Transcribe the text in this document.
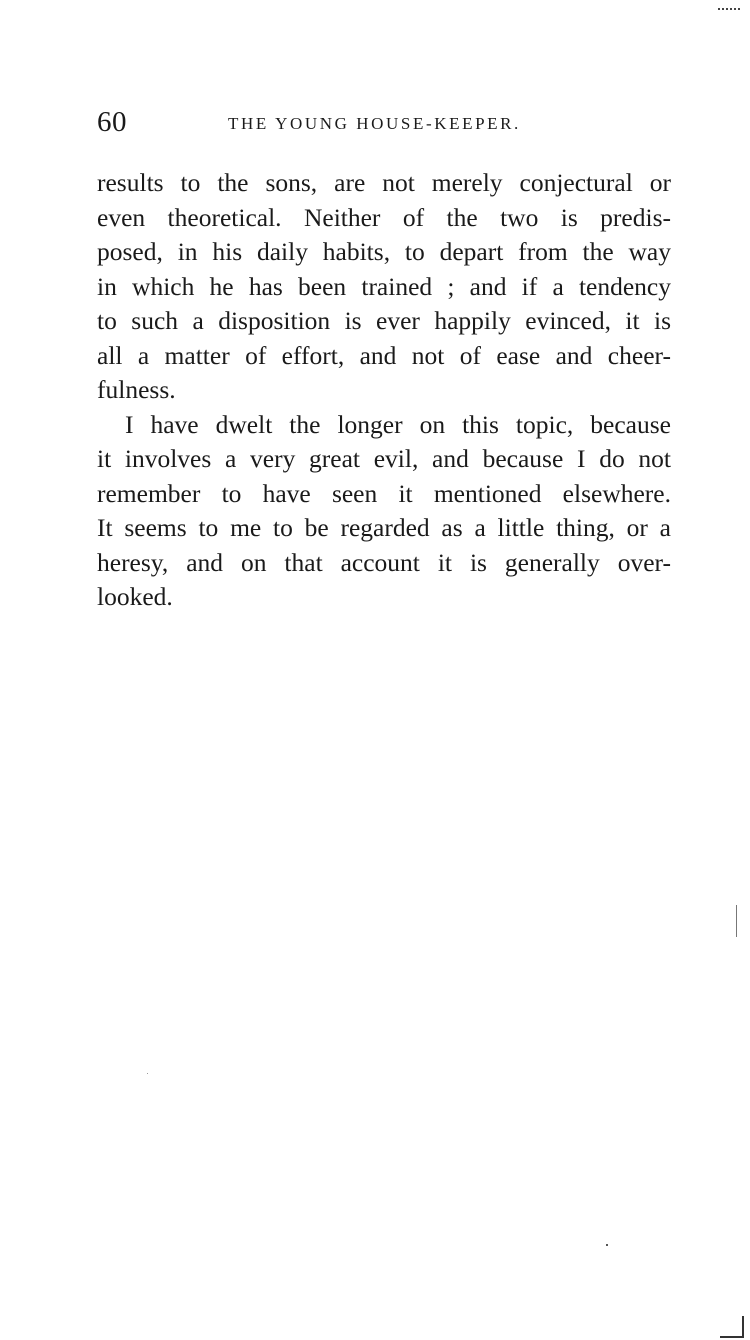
60	THE YOUNG HOUSE-KEEPER.
results to the sons, are not merely conjectural or
even theoretical. Neither of the two is predis-
posed, in his daily habits, to depart from the way
in which he has been trained ; and if a tendency
to such a disposition is ever happily evinced, it is
all a matter of effort, and not of ease and cheer-
fulness.
I have dwelt the longer on this topic, because
it involves a very great evil, and because I do not
remember to have seen it mentioned elsewhere.
It seems to me to be regarded as a little thing, or a
heresy, and on that account it is generally over-
looked.
